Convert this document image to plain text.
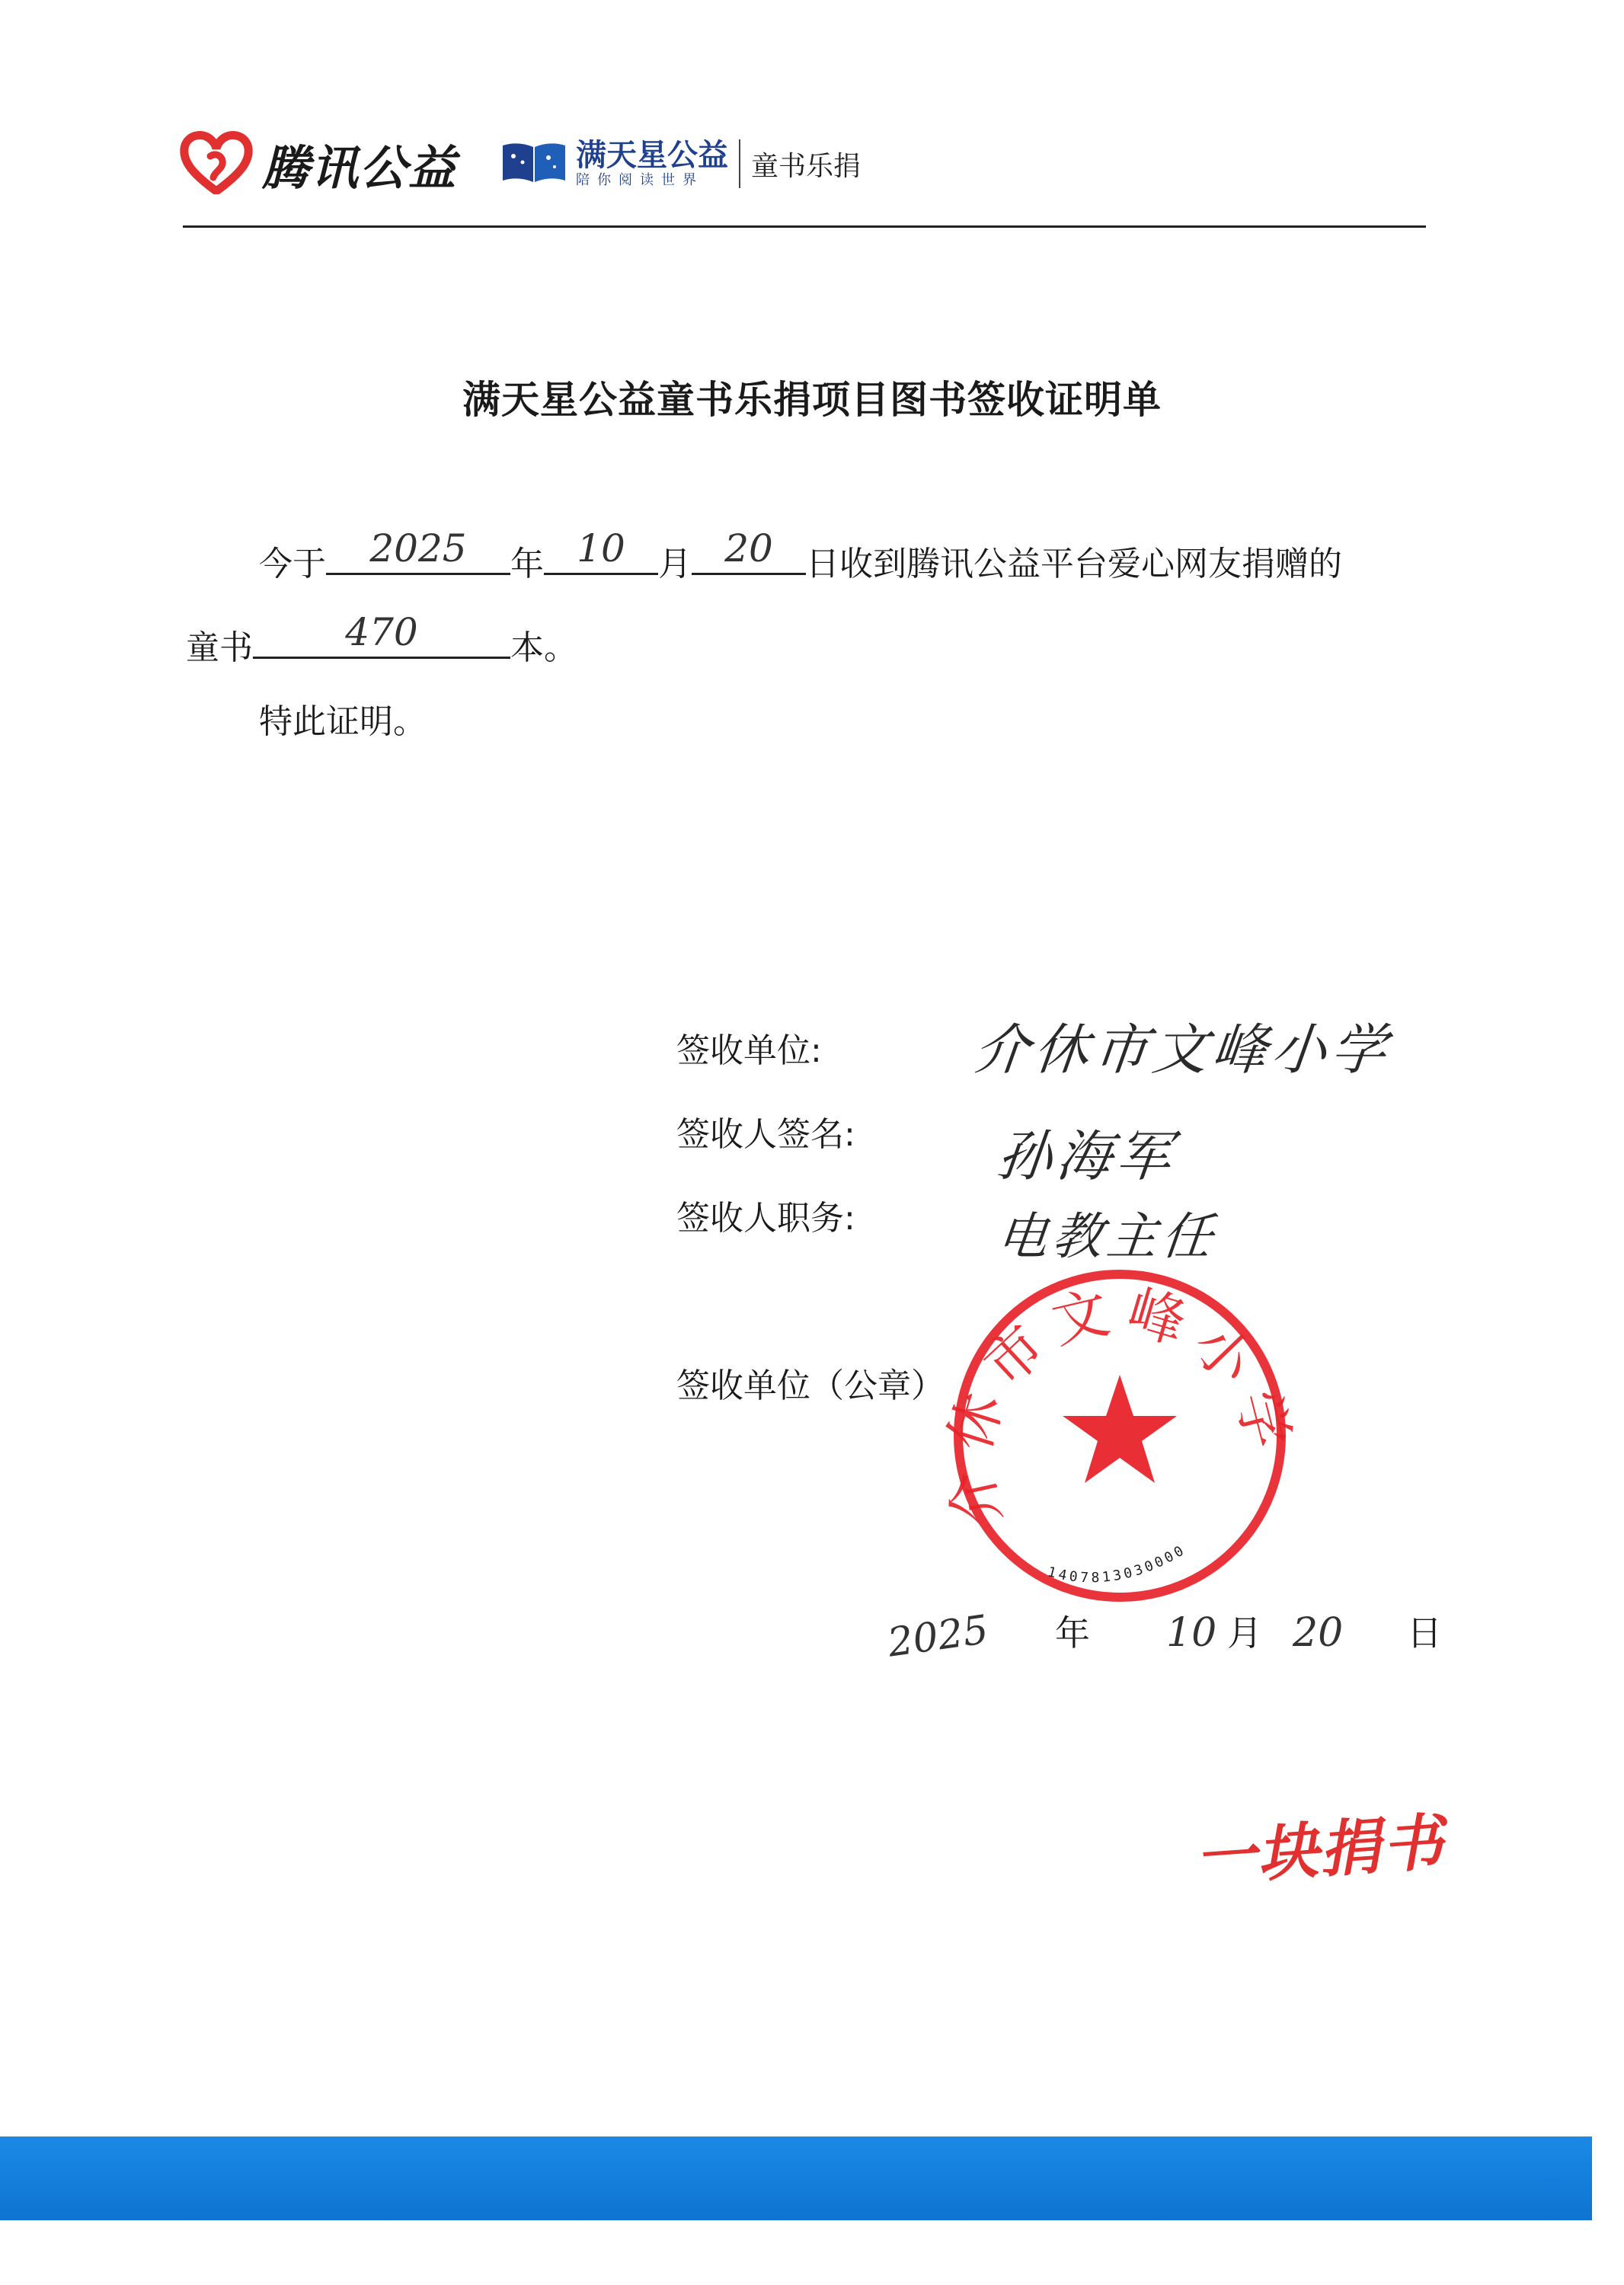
腾讯公益	满天星公益
陪你阅读世界	童书乐捐
满天星公益童书乐捐项目图书签收证明单
今于	2025	年 10 月 20 日收到腾讯公益平台爱心网友捐赠的
童书	470	本。
特此证明。
签收单位:	介休市文峰小学
签收人签名:	孙海军
签收人职务:	电教主任
签收单位（公章）
休市文峰小
1407813030000
2025	年 10 月 20	日
一块捐书
